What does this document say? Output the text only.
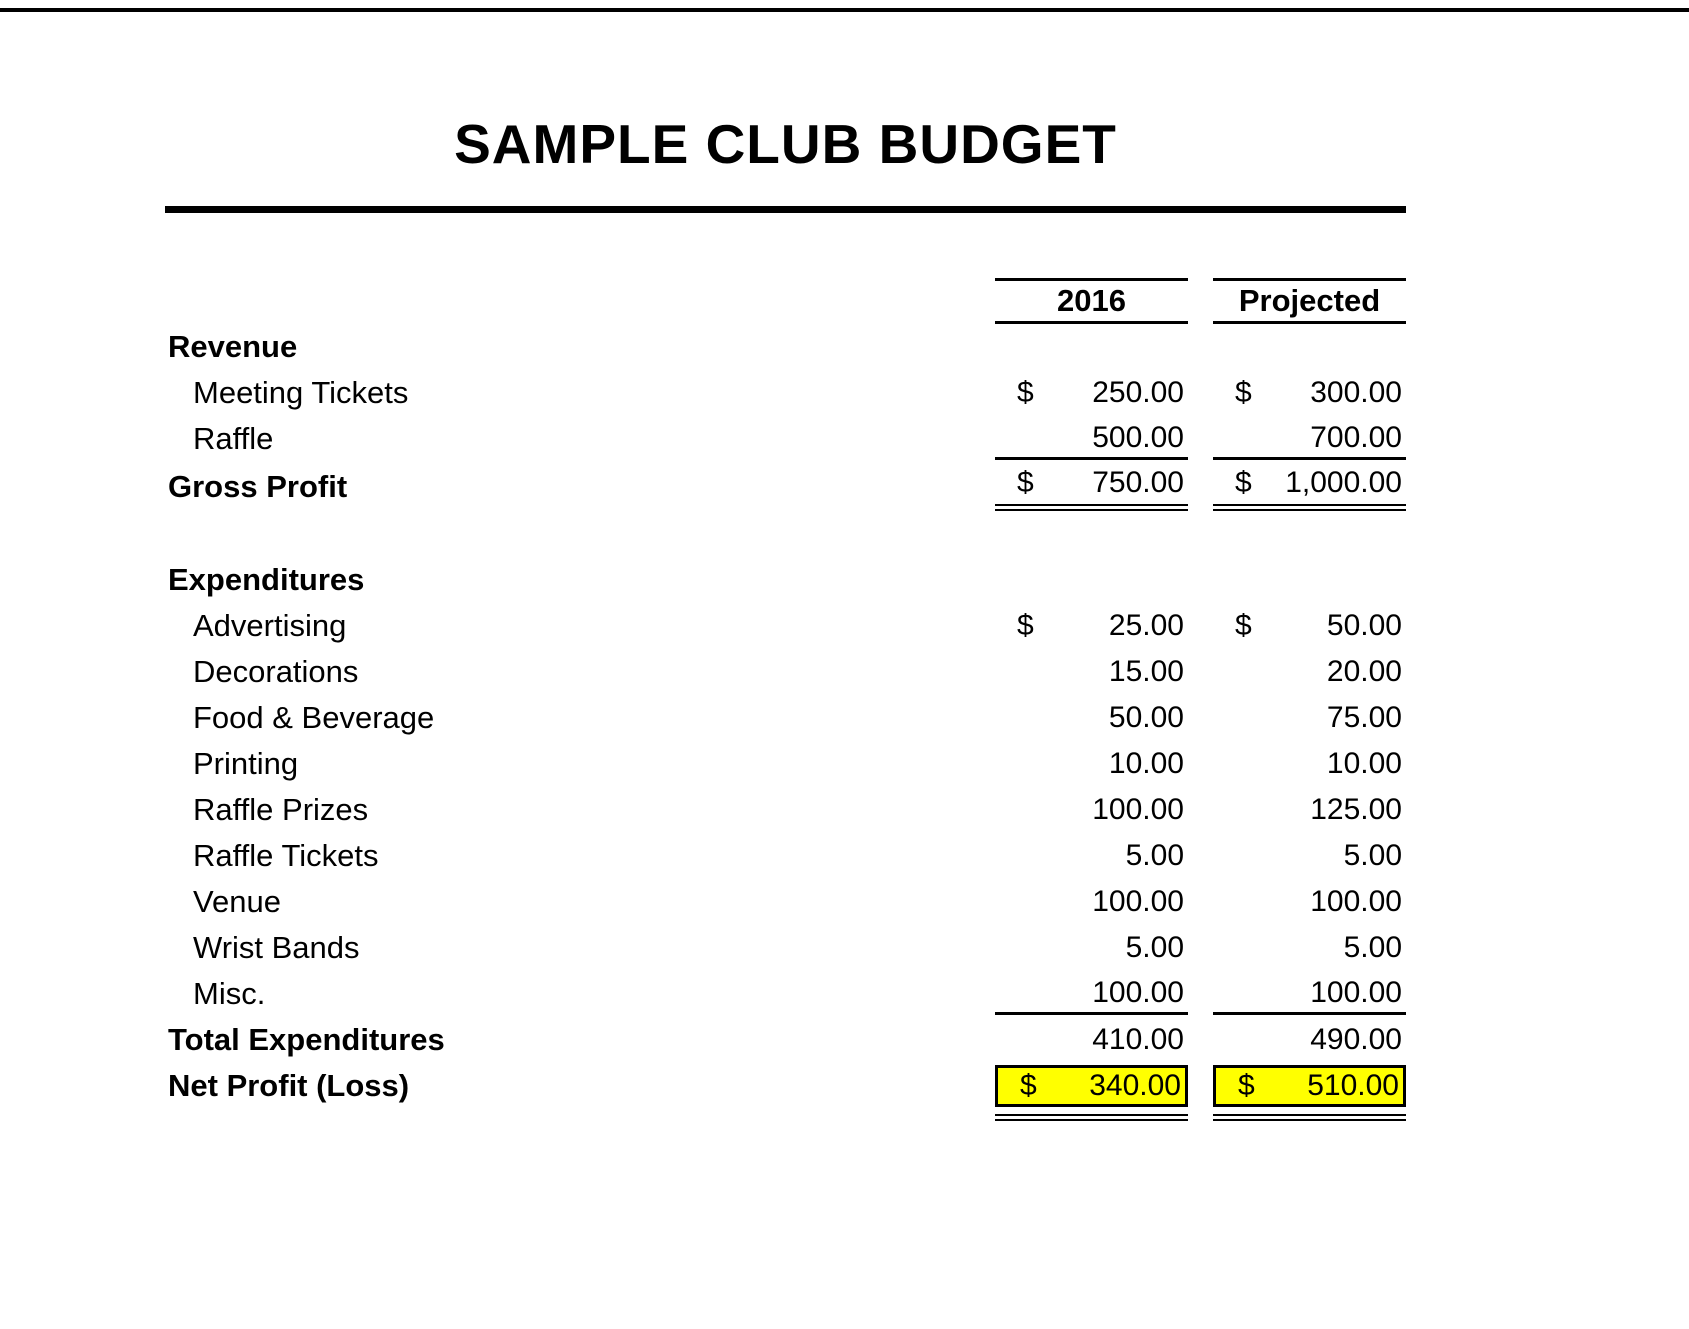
SAMPLE CLUB BUDGET
2016	Projected
Revenue
Meeting Tickets	$ 250.00 $ 300.00
Raffle	500.00	700.00
Gross Profit	$ 750.00 $ 1,000.00
Expenditures
Advertising	$	25.00 $	50.00
Decorations	15.00	20.00
Food & Beverage	50.00	75.00
Printing	10.00	10.00
Raffle Prizes	100.00	125.00
Raffle Tickets	5.00	5.00
Venue	100.00	100.00
Wrist Bands	5.00	5.00
Misc.	100.00	100.00
Total Expenditures	410.00	490.00
Net Profit (Loss)	$ 340.00 $ 510.00
